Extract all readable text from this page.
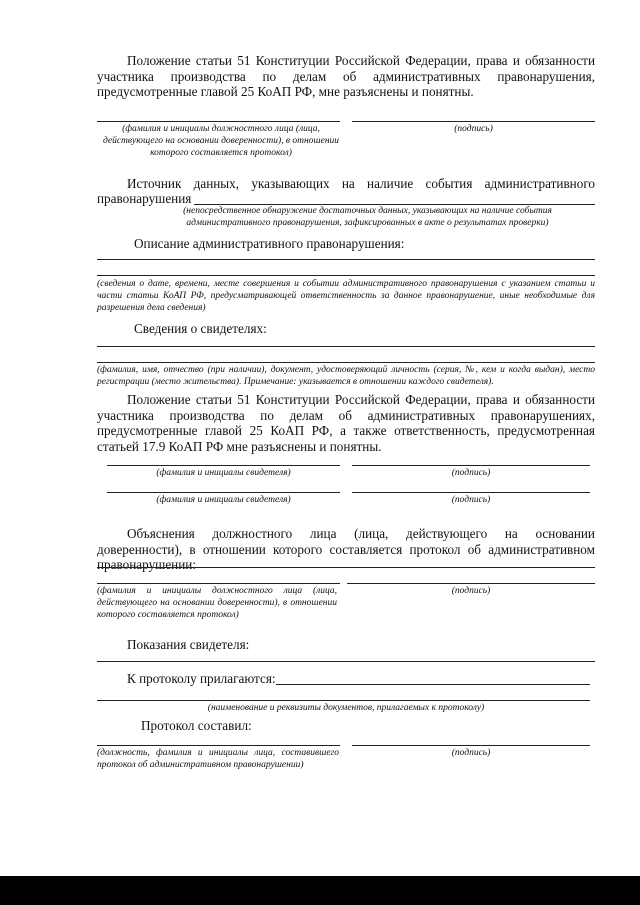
Положение статьи 51 Конституции Российской Федерации, права и обязанности участника производства по делам об административных правонарушения, предусмотренные главой 25 КоАП РФ, мне разъяснены и понятны.
(фамилия и инициалы должностного лица (лица, действующего на основании доверенности), в отношении которого составляется протокол)
(подпись)
Источник данных, указывающих на наличие события административного
правонарушения
(непосредственное обнаружение достаточных данных, указывающих на наличие события административного правонарушения, зафиксированных в акте о результатах проверки)
Описание административного правонарушения:
(сведения о дате, времени, месте совершения и событии административного правонарушения с указанием статьи и части статьи КоАП РФ, предусматривающей ответственность за данное правонарушение, иные необходимые для разрешения дела сведения)
Сведения о свидетелях:
(фамилия, имя, отчество (при наличии), документ, удостоверяющий личность (серия, №, кем и когда выдан), место регистрации (место жительства). Примечание: указывается в отношении каждого свидетеля).
Положение статьи 51 Конституции Российской Федерации, права и обязанности участника производства по делам об административных правонарушениях, предусмотренные главой 25 КоАП РФ, а также ответственность, предусмотренная статьей 17.9 КоАП РФ мне разъяснены и понятны.
(фамилия и инициалы свидетеля)	(подпись)
(фамилия и инициалы свидетеля)	(подпись)
Объяснения должностного лица (лица, действующего на основании доверенности), в отношении которого составляется протокол об административном правонарушении:
(фамилия и инициалы должностного лица (лица, действующего на основании доверенности), в отношении которого составляется протокол)
(подпись)
Показания свидетеля:
К протоколу прилагаются:
(наименование и реквизиты документов, прилагаемых к протоколу)
Протокол составил:
(должность, фамилия и инициалы лица, составившего протокол об административном правонарушении)
(подпись)
